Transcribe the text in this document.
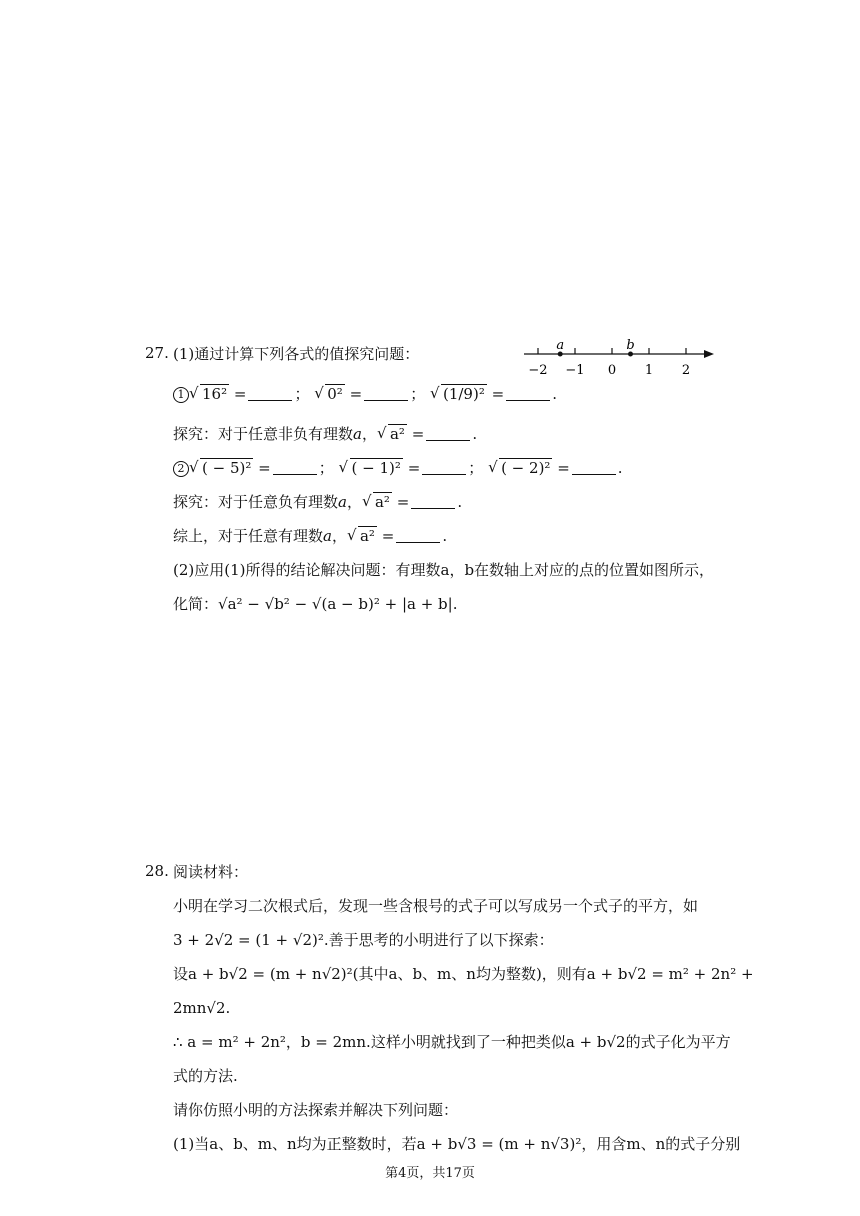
27. (1)通过计算下列各式的值探究问题：
1 √ 16² =	； √ 0² =	； √ (1/9)² =	.
探究：对于任意非负有理数a， √ a² =	.
2 √ ( − 5)² =	； √ ( − 1)² =	； √ ( − 2)² =	.
探究：对于任意负有理数a， √ a² =	.
综上，对于任意有理数a， √ a² =	.
(2)应用(1)所得的结论解决问题：有理数a，b在数轴上对应的点的位置如图所示，
化简：√a² − √b² − √(a − b)² + |a + b|.
−2 −1 0 1 2
a	b
28. 阅读材料：
小明在学习二次根式后，发现一些含根号的式子可以写成另一个式子的平方，如
3 + 2√2 = (1 + √2)².善于思考的小明进行了以下探索：
设a + b√2 = (m + n√2)²(其中a、b、m、n均为整数)，则有a + b√2 = m² + 2n² +
2mn√2.
∴ a = m² + 2n²，b = 2mn.这样小明就找到了一种把类似a + b√2的式子化为平方
式的方法.
请你仿照小明的方法探索并解决下列问题：
(1)当a、b、m、n均为正整数时，若a + b√3 = (m + n√3)²，用含m、n的式子分别
第4页，共17页
